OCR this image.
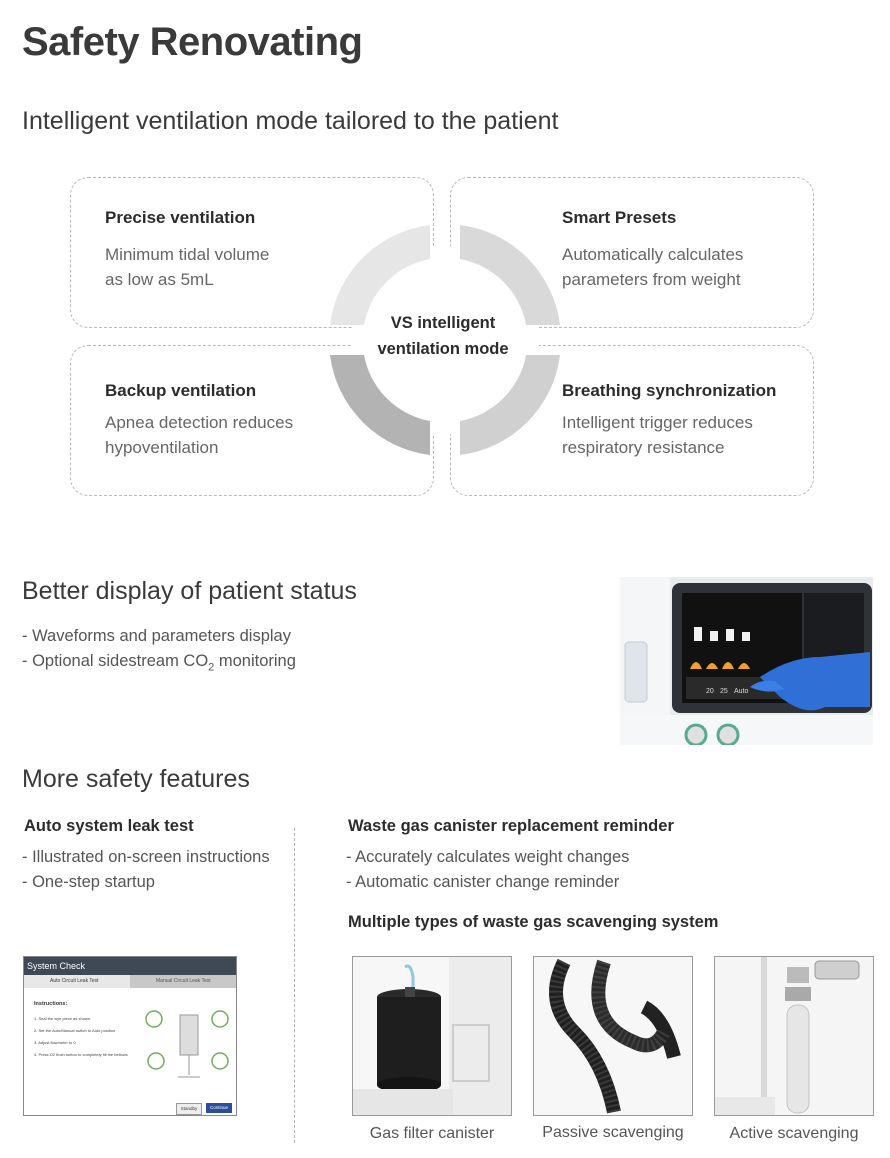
Safety Renovating
Intelligent ventilation mode tailored to the patient
Precise ventilation
Minimum tidal volume
as low as 5mL
Smart Presets
Automatically calculates
parameters from weight
Backup ventilation
Apnea detection reduces
hypoventilation
Breathing synchronization
Intelligent trigger reduces
respiratory resistance
VS intelligent
ventilation mode
Better display of patient status
- Waveforms and parameters display
- Optional sidestream $CO_2$ monitoring
20 25 Auto
More safety features
Auto system leak test
- Illustrated on-screen instructions
- One-step startup
Waste gas canister replacement reminder
- Accurately calculates weight changes
- Automatic canister change reminder
Multiple types of waste gas scavenging system
System Check
Auto Circuit Leak Test	Manual Circuit Leak Test
Instructions:
1. Seal the wye piece as shown
2. Set the Auto/Manual switch to Auto position
3. Adjust flowmeter to 0
4. Press O2 flush button to completely fill the bellows
Standby	Continue
Gas filter canister	Passive scavenging	Active scavenging
